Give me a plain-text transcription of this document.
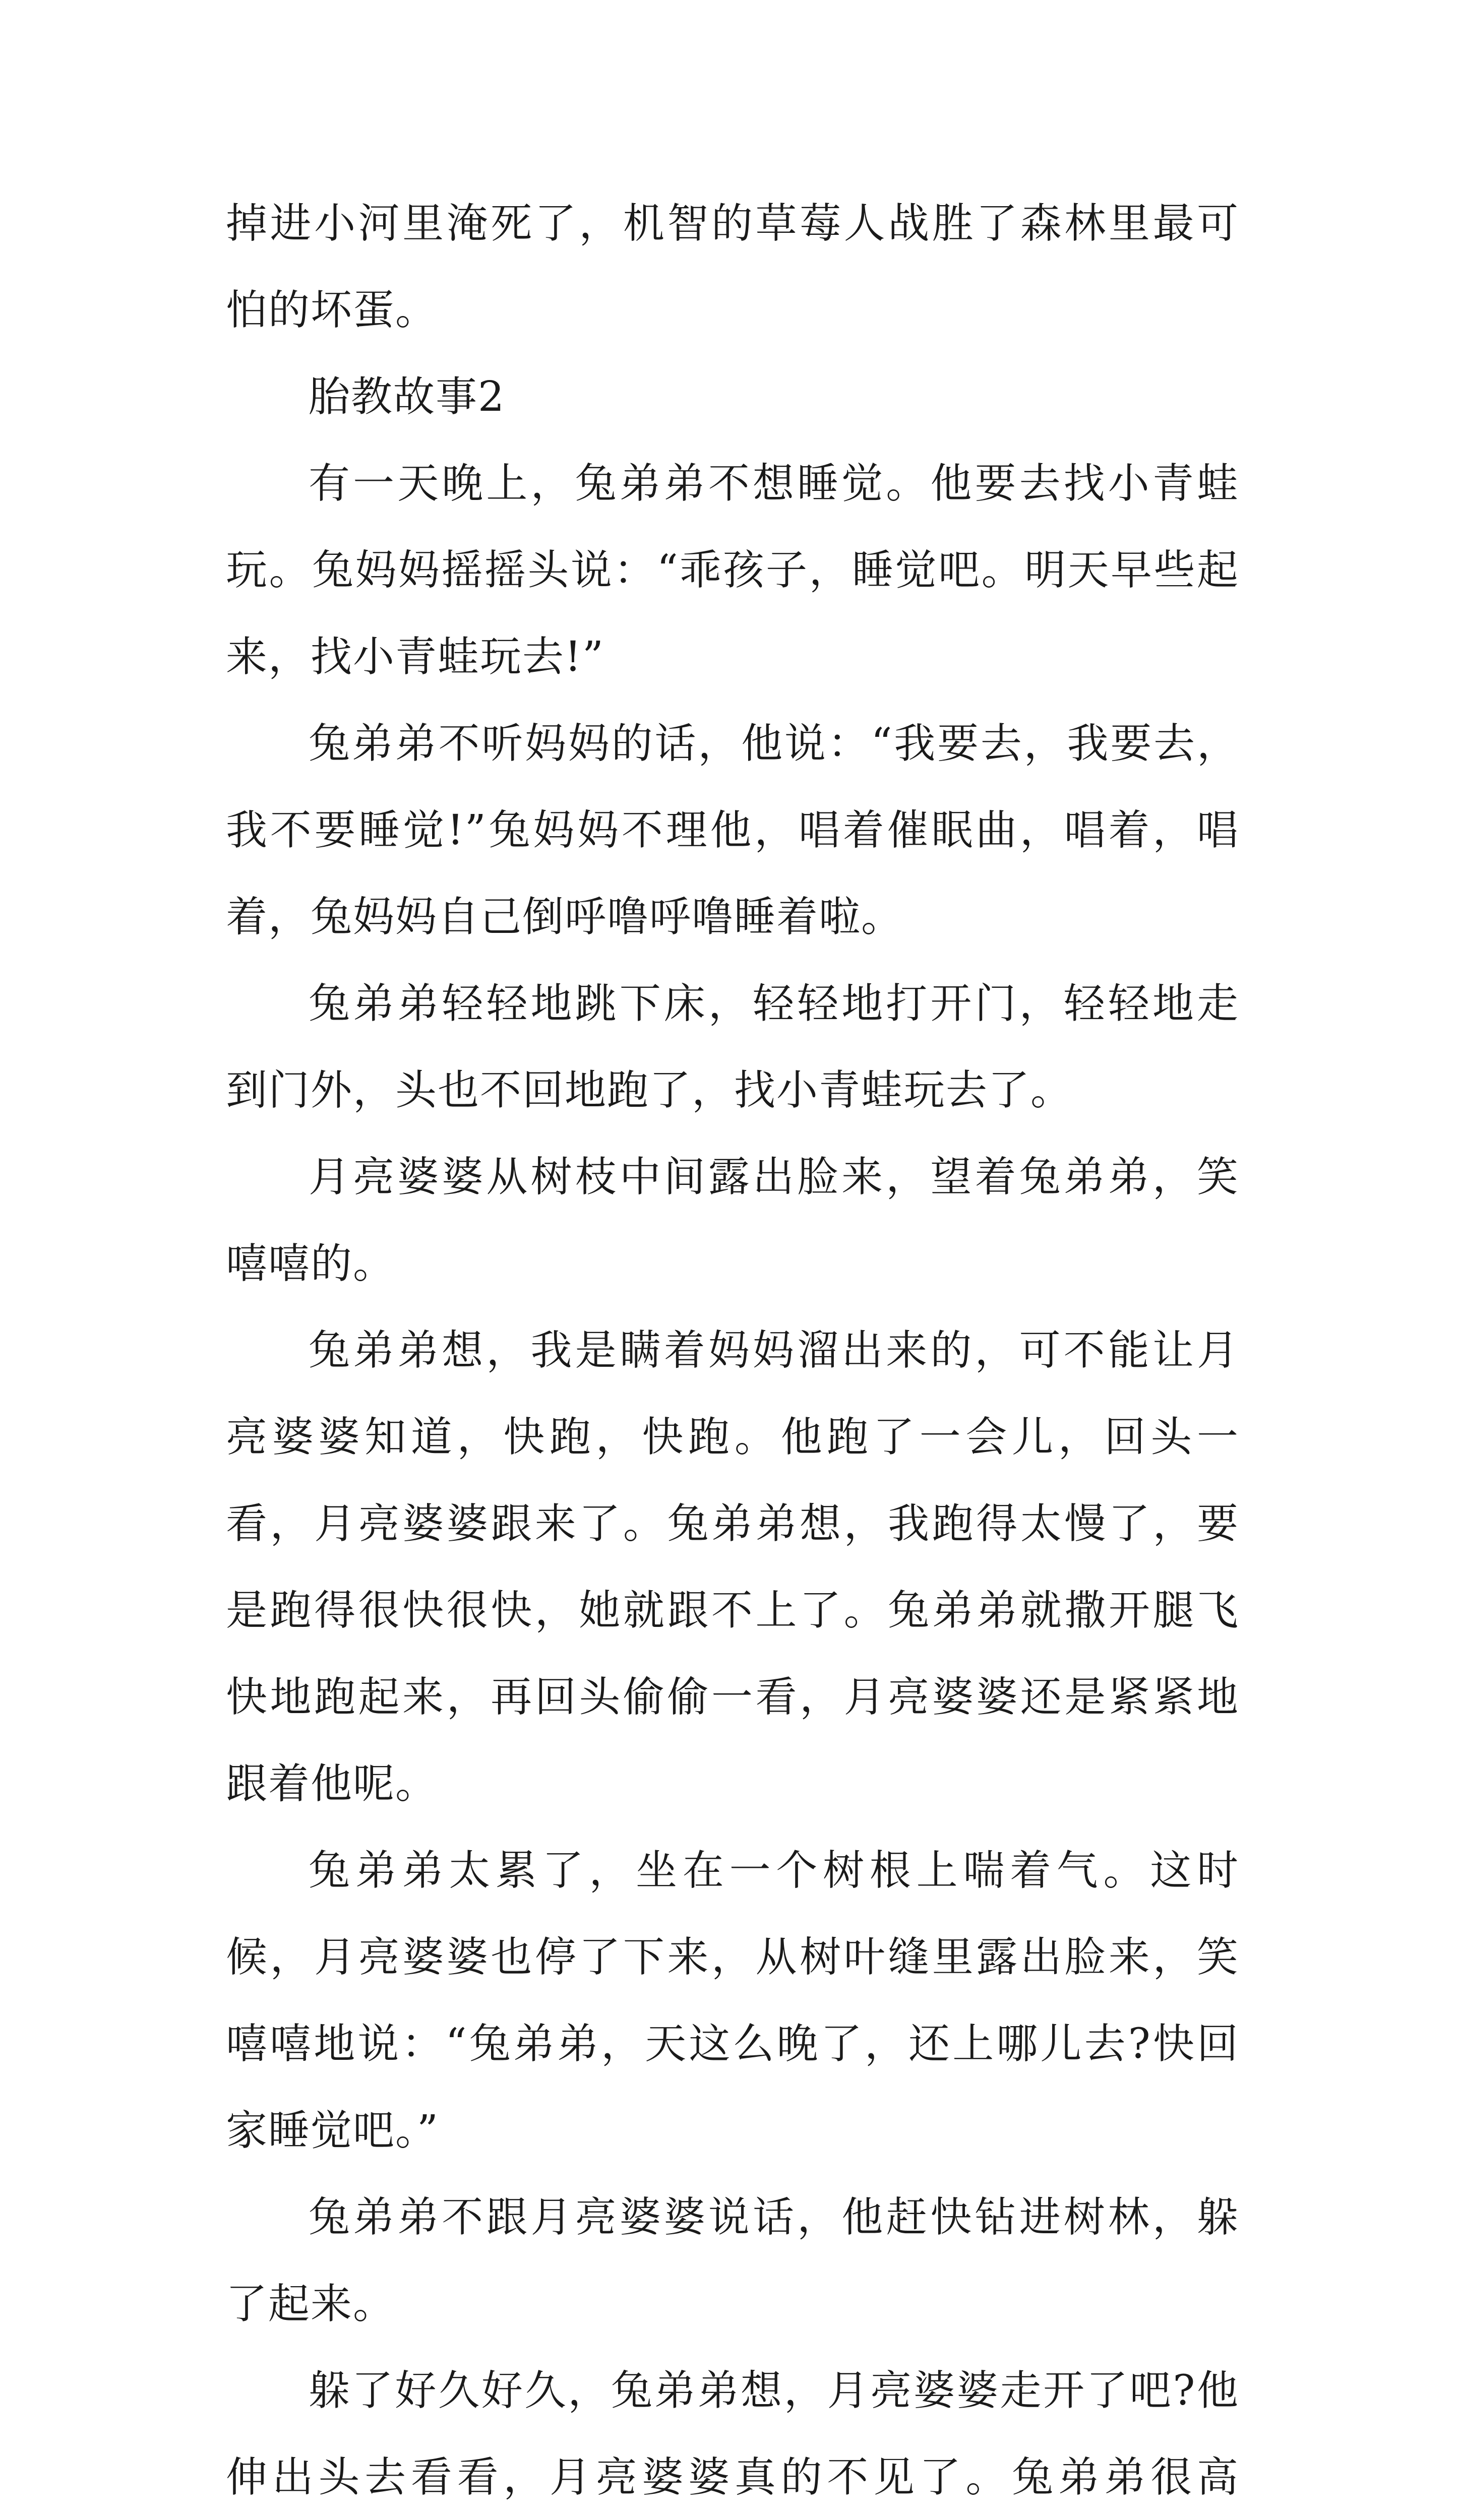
掉进小河里淹死了，机智的草莓人战胜了森林里最可怕的坏蛋。

胎教故事2

有一天晚上，兔弟弟不想睡觉。他要去找小青蛙玩。兔妈妈摇摇头说：“乖孩子，睡觉吧。明天早些起来，找小青蛙玩去!”

兔弟弟不听妈妈的话，他说：“我要去，我要去，我不要睡觉!”兔妈妈不理他，唱着催眠曲，唱着，唱着，兔妈妈自己倒呼噜呼噜睡着啦。

兔弟弟轻轻地跳下床，轻轻地打开门，轻轻地走到门外，头也不回地跑了，找小青蛙玩去了。

月亮婆婆从树枝中间露出脸来，望着兔弟弟，笑嘻嘻的。

兔弟弟想，我是瞒着妈妈溜出来的，可不能让月亮婆婆知道，快跑，快跑。他跑了一会儿，回头一看，月亮婆婆跟来了。兔弟弟想，我跑得太慢了，要是跑得很快很快，她就跟不上了。兔弟弟就撒开腿飞快地跑起来，再回头偷偷一看，月亮婆婆还是紧紧地跟着他呢。

兔弟弟太累了，坐在一个树根上喘着气。这时候，月亮婆婆也停了下来，从树叶缝里露出脸来，笑嘻嘻地说：“兔弟弟，天这么晚了，还上哪儿去?快回家睡觉吧。”

兔弟弟不跟月亮婆婆说话，他赶快钻进树林，躲了起来。

躲了好久好久，兔弟弟想，月亮婆婆走开了吧?他伸出头去看看，月亮婆婆真的不见了。兔弟弟很高
